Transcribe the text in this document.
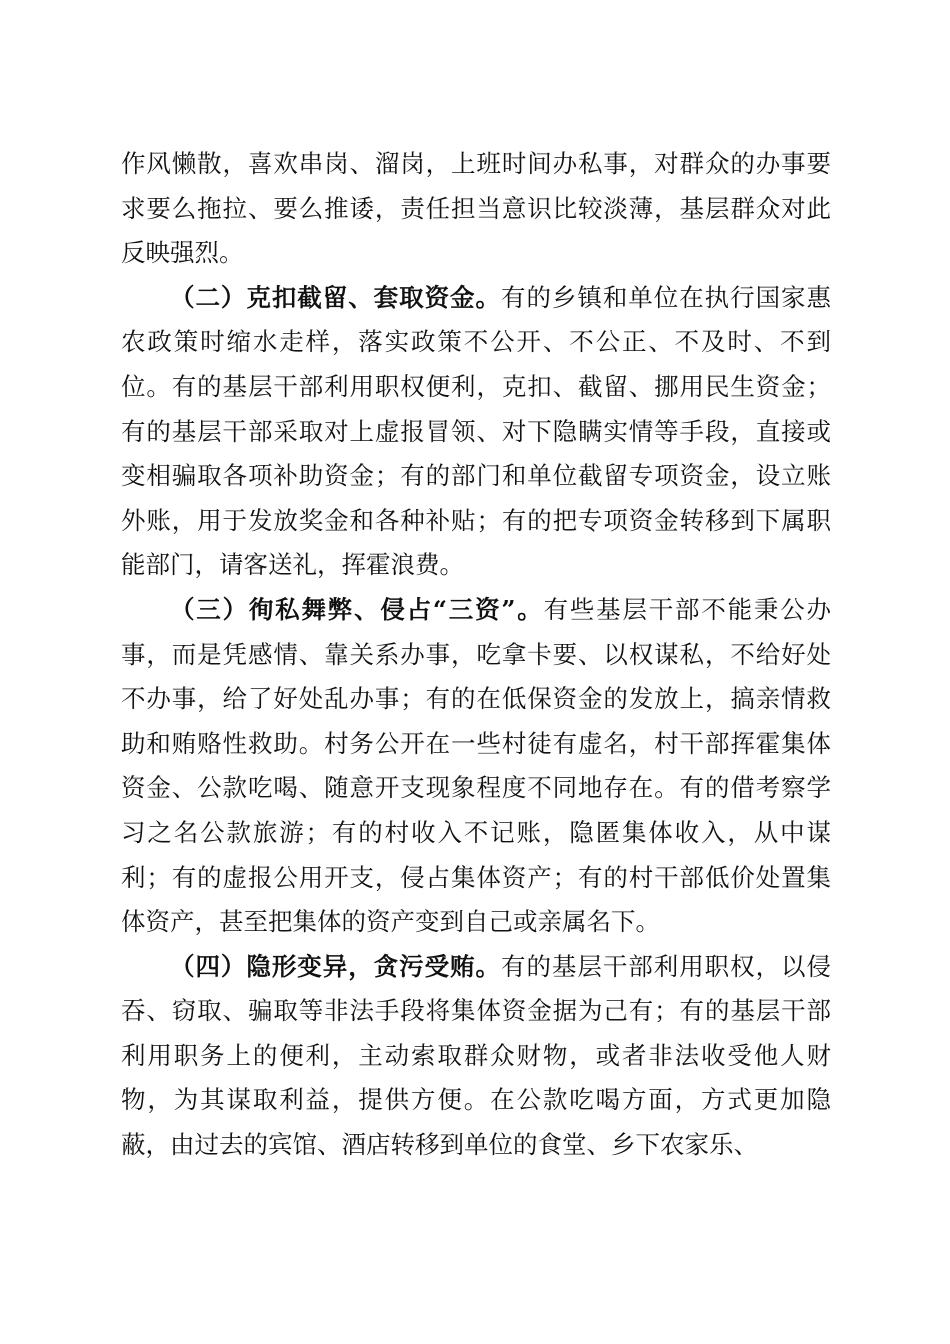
作风懒散，喜欢串岗、溜岗，上班时间办私事，对群众的办事要求要么拖拉、要么推诿，责任担当意识比较淡薄，基层群众对此反映强烈。

（二）克扣截留、套取资金。有的乡镇和单位在执行国家惠农政策时缩水走样，落实政策不公开、不公正、不及时、不到位。有的基层干部利用职权便利，克扣、截留、挪用民生资金；有的基层干部采取对上虚报冒领、对下隐瞒实情等手段，直接或变相骗取各项补助资金；有的部门和单位截留专项资金，设立账外账，用于发放奖金和各种补贴；有的把专项资金转移到下属职能部门，请客送礼，挥霍浪费。

（三）徇私舞弊、侵占“三资”。有些基层干部不能秉公办事，而是凭感情、靠关系办事，吃拿卡要、以权谋私，不给好处不办事，给了好处乱办事；有的在低保资金的发放上，搞亲情救助和贿赂性救助。村务公开在一些村徒有虚名，村干部挥霍集体资金、公款吃喝、随意开支现象程度不同地存在。有的借考察学习之名公款旅游；有的村收入不记账，隐匿集体收入，从中谋利；有的虚报公用开支，侵占集体资产；有的村干部低价处置集体资产，甚至把集体的资产变到自己或亲属名下。

（四）隐形变异，贪污受贿。有的基层干部利用职权，以侵吞、窃取、骗取等非法手段将集体资金据为己有；有的基层干部利用职务上的便利，主动索取群众财物，或者非法收受他人财物，为其谋取利益，提供方便。在公款吃喝方面，方式更加隐蔽，由过去的宾馆、酒店转移到单位的食堂、乡下农家乐、
